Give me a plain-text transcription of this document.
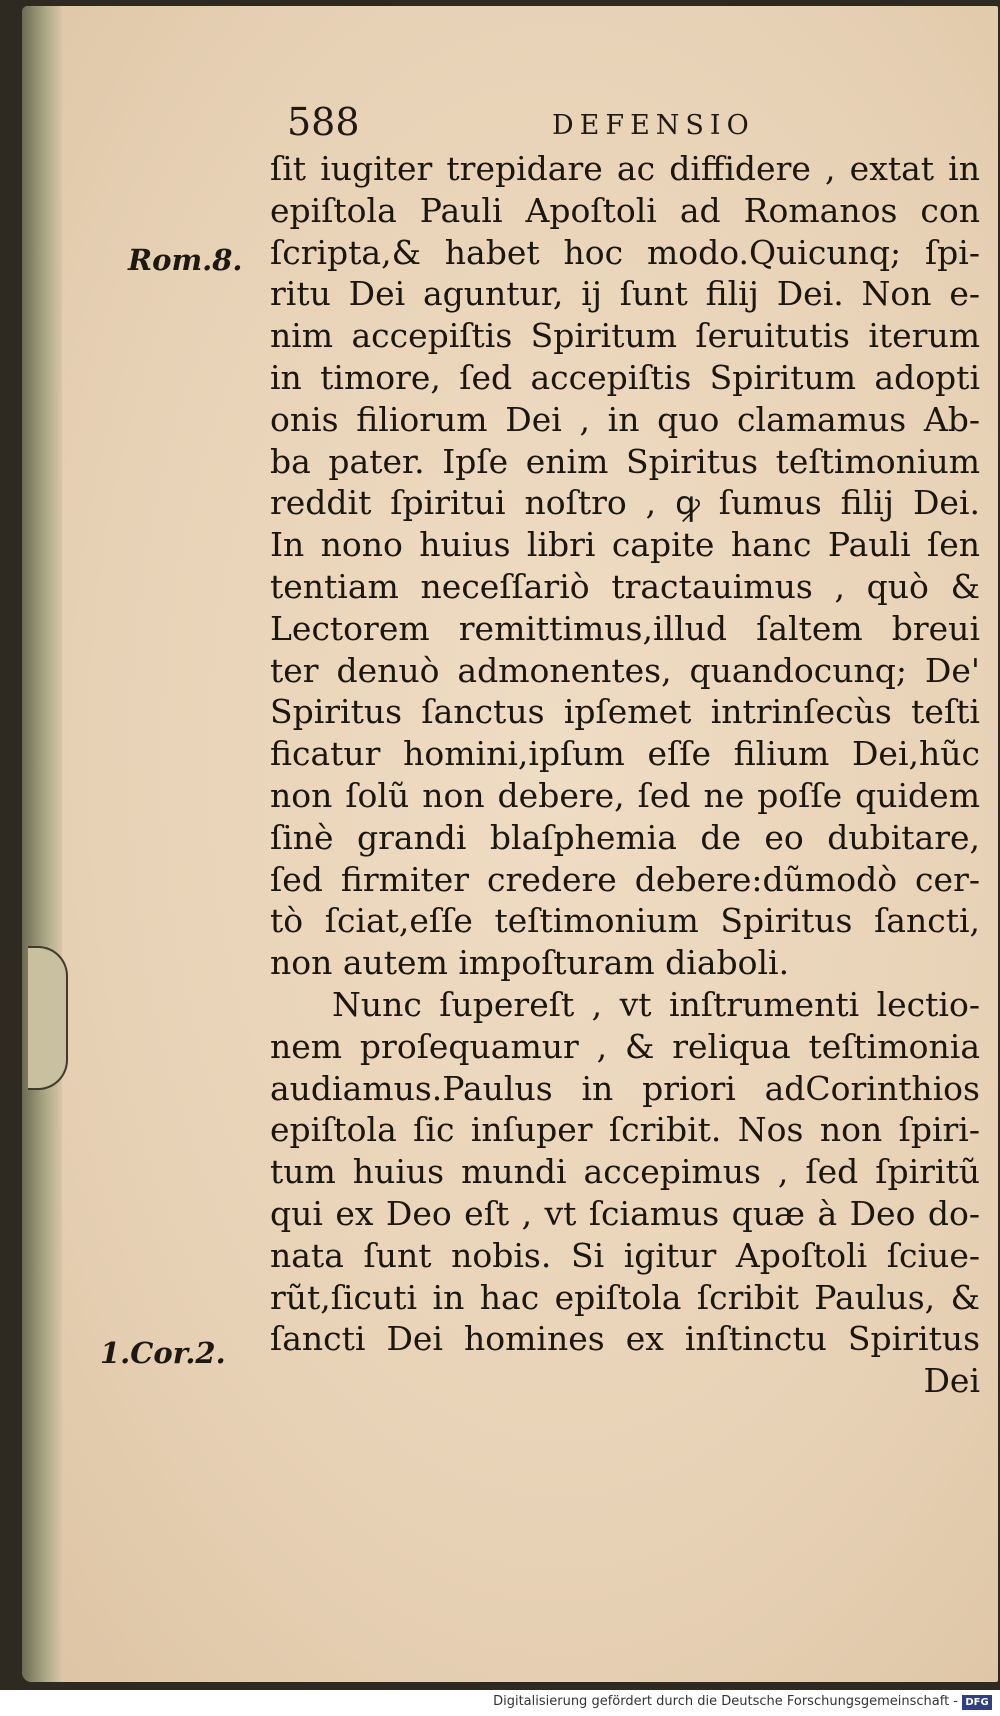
588	DEFENSIO
Rom.8.
1.Cor.2.
ſit iugiter trepidare ac diffidere , extat in
epiſtola Pauli Apoſtoli ad Romanos con
ſcripta,& habet hoc modo.Quicunq; ſpi-
ritu Dei aguntur, ij ſunt filij Dei. Non e-
nim accepiſtis Spiritum ſeruitutis iterum
in timore, ſed accepiſtis Spiritum adopti
onis filiorum Dei , in quo clamamus Ab-
ba pater. Ipſe enim Spiritus teſtimonium
reddit ſpiritui noſtro , ꝙ ſumus filij Dei.
In nono huius libri capite hanc Pauli ſen
tentiam neceſſariò tractauimus , quò &
Lectorem remittimus,illud ſaltem breui
ter denuò admonentes, quandocunq; De'
Spiritus ſanctus ipſemet intrinſecùs teſti
ficatur homini,ipſum eſſe filium Dei,hũc
non ſolũ non debere, ſed ne poſſe quidem
ſinè grandi blaſphemia de eo dubitare,
ſed firmiter credere debere:dũmodò cer-
tò ſciat,eſſe teſtimonium Spiritus ſancti,
non autem impoſturam diaboli.
Nunc ſupereſt , vt inſtrumenti lectio-
nem proſequamur , & reliqua teſtimonia
audiamus.Paulus in priori adCorinthios
epiſtola ſic inſuper ſcribit. Nos non ſpiri-
tum huius mundi accepimus , ſed ſpiritũ
qui ex Deo eſt , vt ſciamus quæ à Deo do-
nata ſunt nobis. Si igitur Apoſtoli ſciue-
rũt,ſicuti in hac epiſtola ſcribit Paulus, &
ſancti Dei homines ex inſtinctu Spiritus
Dei
Digitalisierung gefördert durch die Deutsche Forschungsgemeinschaft - DFG
